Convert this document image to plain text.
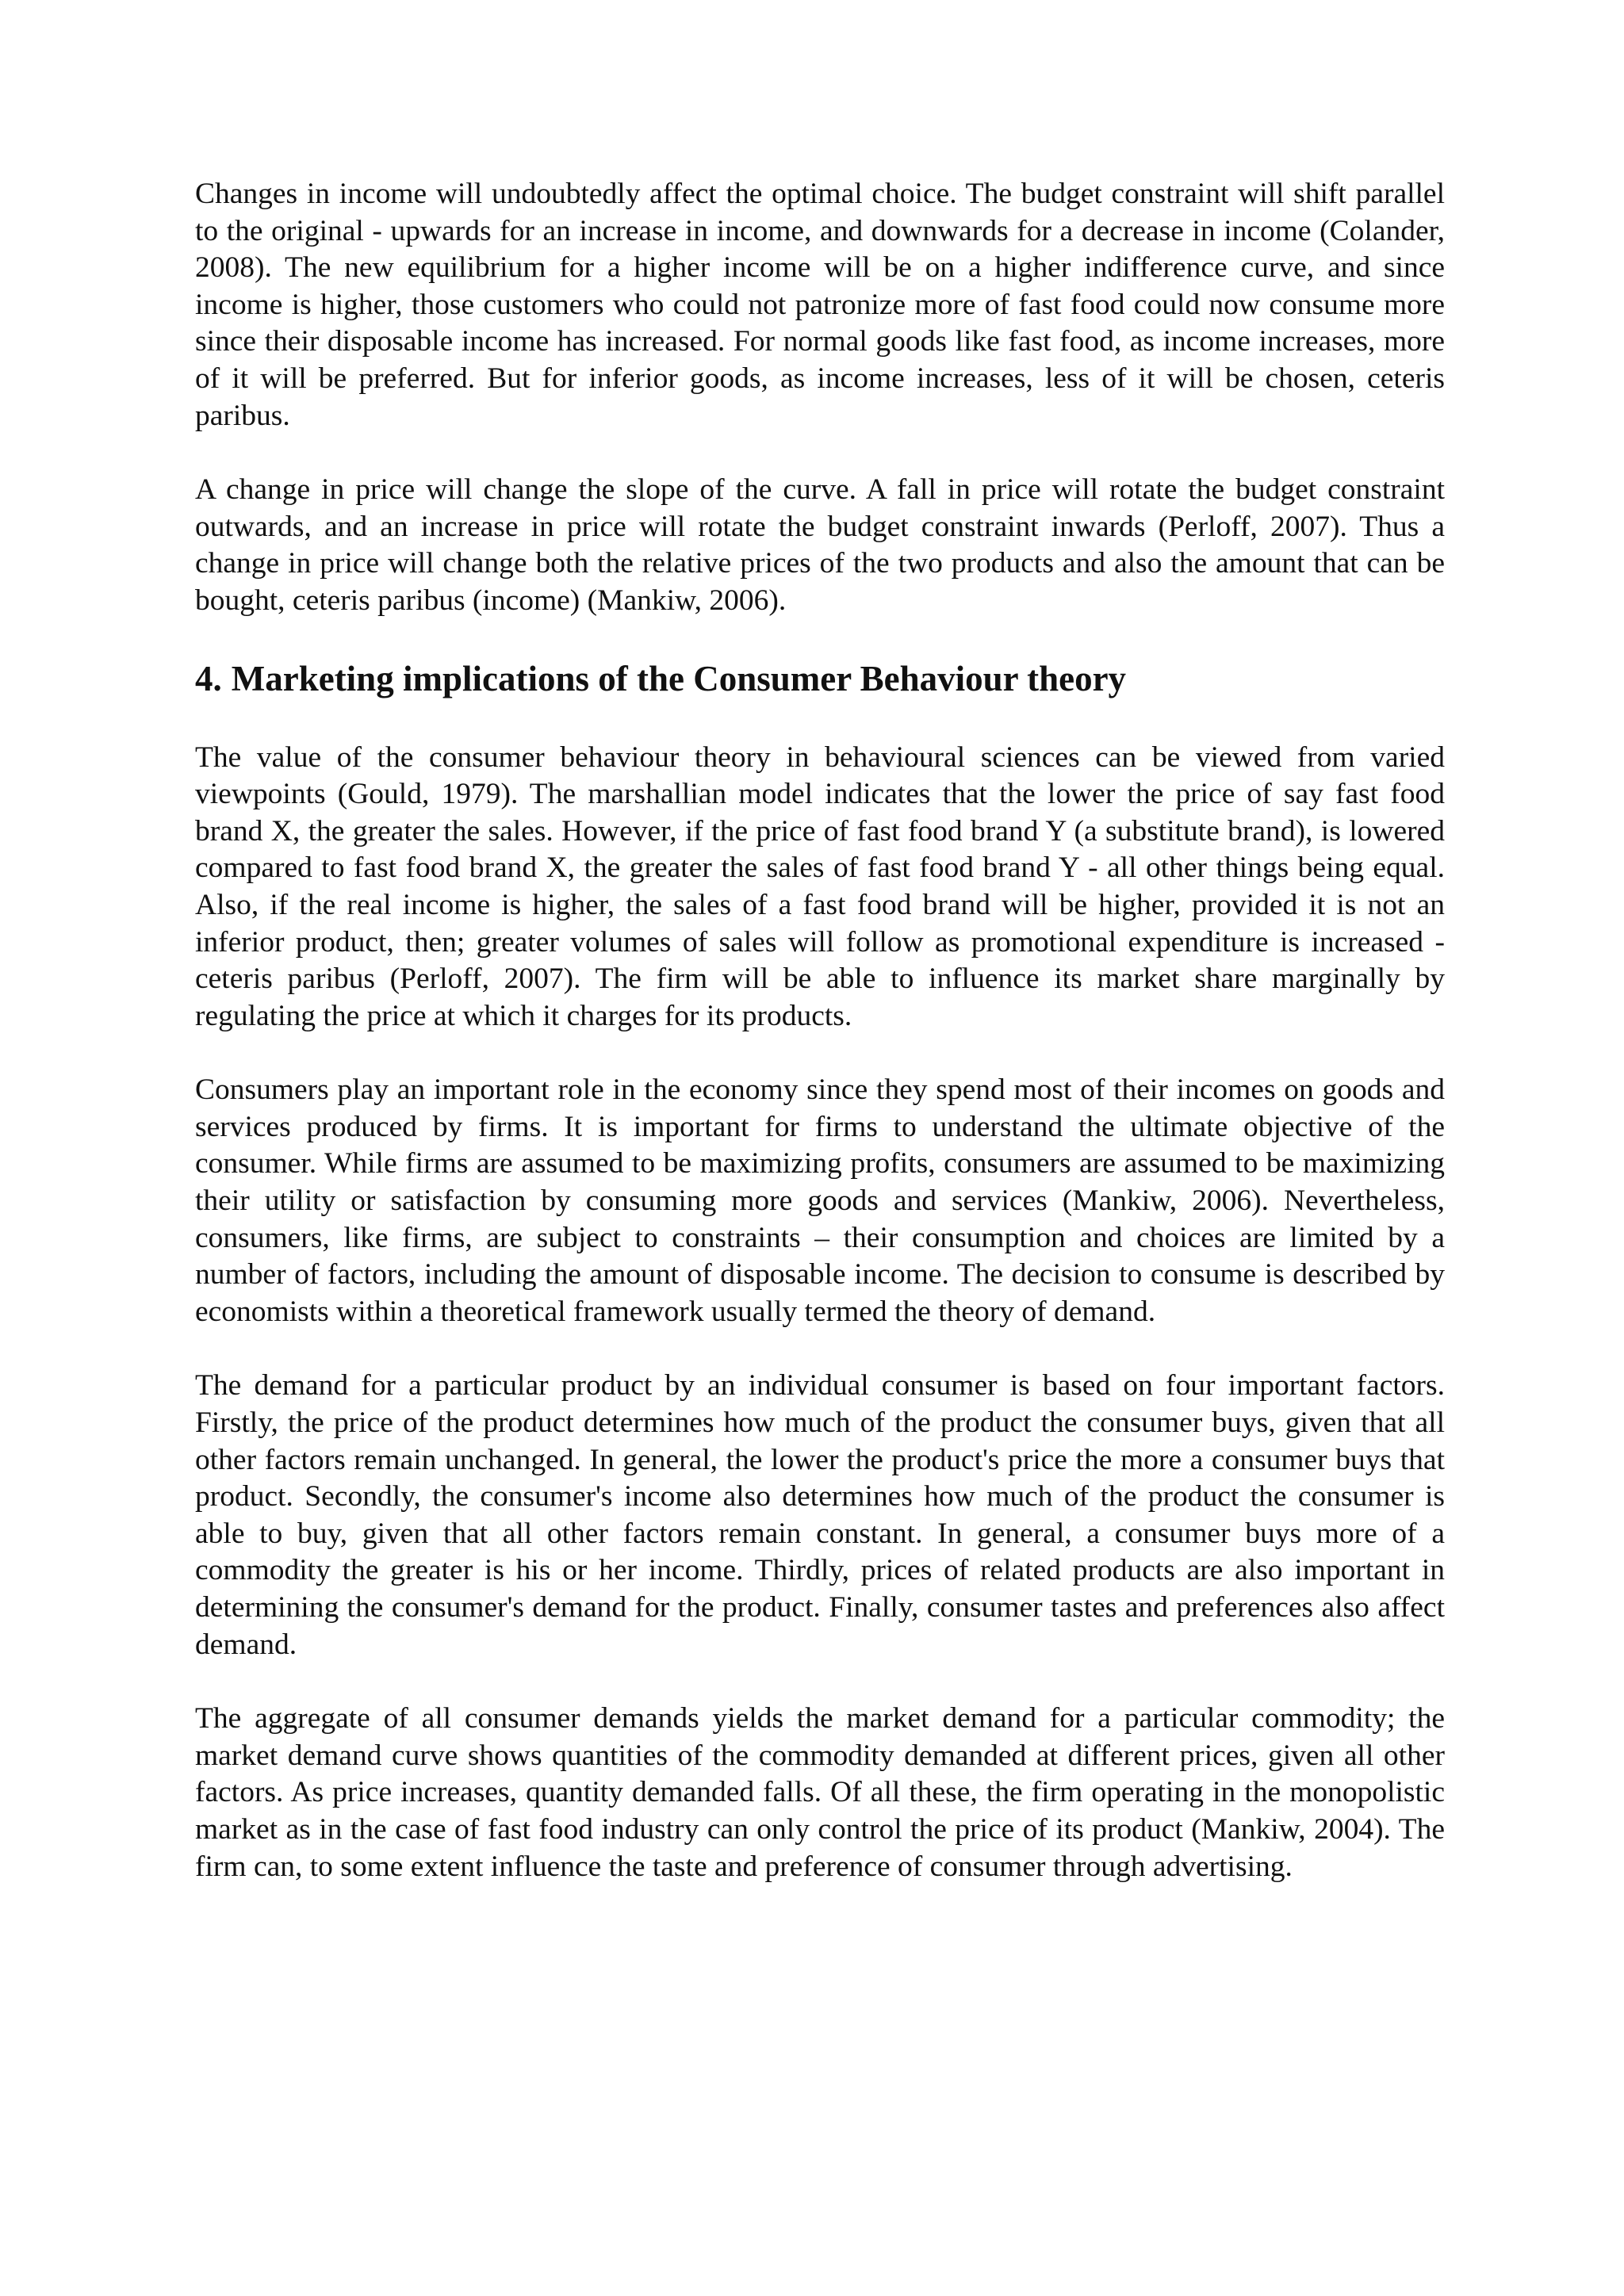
Changes in income will undoubtedly affect the optimal choice. The budget constraint will shift parallel to the original - upwards for an increase in income, and downwards for a decrease in income (Colander, 2008). The new equilibrium for a higher income will be on a higher indifference curve, and since income is higher, those customers who could not patronize more of fast food could now consume more since their disposable income has increased. For normal goods like fast food, as income increases, more of it will be preferred. But for inferior goods, as income increases, less of it will be chosen, ceteris paribus.

A change in price will change the slope of the curve. A fall in price will rotate the budget constraint outwards, and an increase in price will rotate the budget constraint inwards (Perloff, 2007). Thus a change in price will change both the relative prices of the two products and also the amount that can be bought, ceteris paribus (income) (Mankiw, 2006).

4. Marketing implications of the Consumer Behaviour theory

The value of the consumer behaviour theory in behavioural sciences can be viewed from varied viewpoints (Gould, 1979). The marshallian model indicates that the lower the price of say fast food brand X, the greater the sales. However, if the price of fast food brand Y (a substitute brand), is lowered compared to fast food brand X, the greater the sales of fast food brand Y - all other things being equal. Also, if the real income is higher, the sales of a fast food brand will be higher, provided it is not an inferior product, then; greater volumes of sales will follow as promotional expenditure is increased - ceteris paribus (Perloff, 2007). The firm will be able to influence its market share marginally by regulating the price at which it charges for its products.

Consumers play an important role in the economy since they spend most of their incomes on goods and services produced by firms. It is important for firms to understand the ultimate objective of the consumer. While firms are assumed to be maximizing profits, consumers are assumed to be maximizing their utility or satisfaction by consuming more goods and services (Mankiw, 2006). Nevertheless, consumers, like firms, are subject to constraints – their consumption and choices are limited by a number of factors, including the amount of disposable income. The decision to consume is described by economists within a theoretical framework usually termed the theory of demand.

The demand for a particular product by an individual consumer is based on four important factors. Firstly, the price of the product determines how much of the product the consumer buys, given that all other factors remain unchanged. In general, the lower the product's price the more a consumer buys that product. Secondly, the consumer's income also determines how much of the product the consumer is able to buy, given that all other factors remain constant. In general, a consumer buys more of a commodity the greater is his or her income. Thirdly, prices of related products are also important in determining the consumer's demand for the product. Finally, consumer tastes and preferences also affect demand.

The aggregate of all consumer demands yields the market demand for a particular commodity; the market demand curve shows quantities of the commodity demanded at different prices, given all other factors. As price increases, quantity demanded falls. Of all these, the firm operating in the monopolistic market as in the case of fast food industry can only control the price of its product (Mankiw, 2004). The firm can, to some extent influence the taste and preference of consumer through advertising.
